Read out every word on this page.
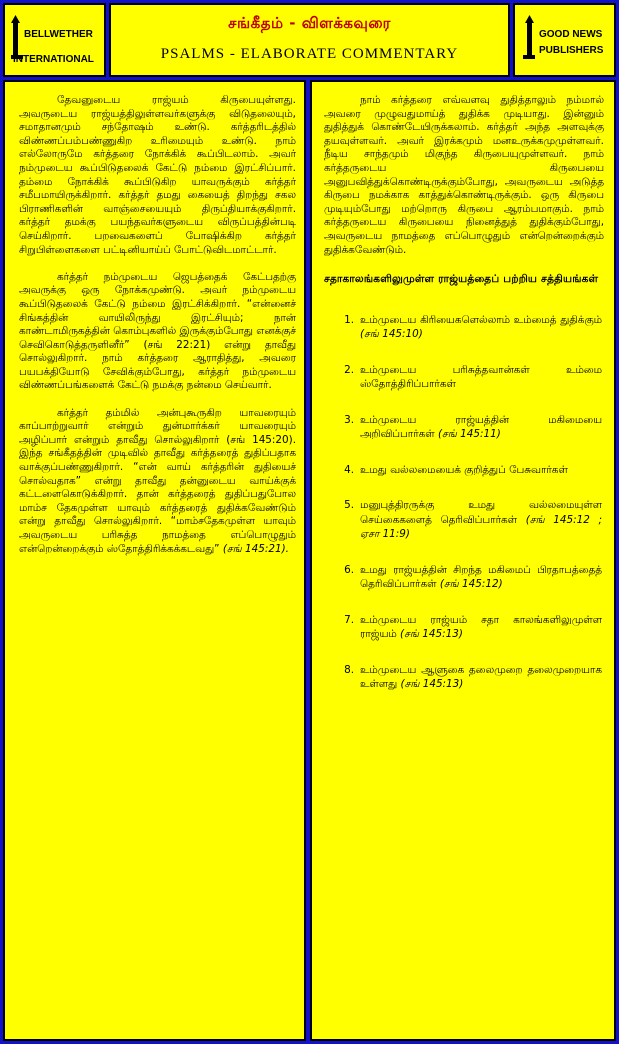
BELLWETHER
INTERNATIONAL
சங்கீதம் - விளக்கவுரை
PSALMS - ELABORATE COMMENTARY
GOOD NEWS
PUBLISHERS

தேவனுடைய ராஜ்யம் கிருபையுள்ளது. அவருடைய ராஜ்யத்திலுள்ளவர்களுக்கு விடுதலையும், சமாதானமும் சந்தோஷம் உண்டு. கர்த்தரிடத்தில் விண்ணப்பம்பண்ணுகிற உரிமையும் உண்டு. நாம் எல்லோருமே கர்த்தரை நோக்கிக் கூப்பிடலாம். அவர் நம்முடைய கூப்பிடுதலைக் கேட்டு நம்மை இரட்சிப்பார். தம்மை நோக்கிக் கூப்பிடுகிற யாவருக்கும் கர்த்தர் சமீபமாயிருக்கிறார். கர்த்தர் தமது கையைத் திறந்து சகல பிராணிகளின் வாஞ்சையையும் திருப்தியாக்குகிறார். கர்த்தர் தமக்கு பயந்தவர்களுடைய விருப்பத்தின்படி செய்கிறார். பறவைகளைப் போஷிக்கிற கர்த்தர் சிறுபிள்ளைகளை பட்டினியாய்ப் போட்டுவிடமாட்டார்.

கர்த்தர் நம்முடைய ஜெபத்தைக் கேட்பதற்கு அவருக்கு ஒரு நோக்கமுண்டு. அவர் நம்முடைய கூப்பிடுதலைக் கேட்டு நம்மை இரட்சிக்கிறார். “என்னைச் சிங்கத்தின் வாயிலிருந்து இரட்சியும்; நான் காண்டாமிருகத்தின் கொம்புகளில் இருக்கும்போது எனக்குச் செவிகொடுத்தருளினீர்” (சங் 22:21) என்று தாவீது சொல்லுகிறார். நாம் கர்த்தரை ஆராதித்து, அவரை பயபக்தியோடு சேவிக்கும்போது, கர்த்தர் நம்முடைய விண்ணப்பங்களைக் கேட்டு நமக்கு நன்மை செய்வார்.

கர்த்தர் தம்மில் அன்புகூருகிற யாவரையும் காப்பாற்றுவார் என்றும் துன்மார்க்கர் யாவரையும் அழிப்பார் என்றும் தாவீது சொல்லுகிறார் (சங் 145:20). இந்த சங்கீதத்தின் முடிவில் தாவீது கர்த்தரைத் துதிப்பதாக வாக்குப்பண்ணுகிறார். “என் வாய் கர்த்தரின் துதியைச் சொல்வதாக” என்று தாவீது தன்னுடைய வாய்க்குக் கட்டளைகொடுக்கிறார். தான் கர்த்தரைத் துதிப்பதுபோல மாம்ச தேகமுள்ள யாவும் கர்த்தரைத் துதிக்கவேண்டும் என்று தாவீது சொல்லுகிறார். “மாம்சதேகமுள்ள யாவும் அவருடைய பரிசுத்த நாமத்தை எப்பொழுதும் என்றென்றைக்கும் ஸ்தோத்திரிக்கக்கடவது” (சங் 145:21).

நாம் கர்த்தரை எவ்வளவு துதித்தாலும் நம்மால் அவரை முழுவதுமாய்த் துதிக்க முடியாது. இன்னும் துதித்துக் கொண்டேயிருக்கலாம். கர்த்தர் அந்த அளவுக்கு தயவுள்ளவர். அவர் இரக்கமும் மனஉருக்கமுமுள்ளவர். நீடிய சாந்தமும் மிகுந்த கிருபையுமுள்ளவர். நாம் கர்த்தருடைய கிருபையை அனுபவித்துக்கொண்டிருக்கும்போது, அவருடைய அடுத்த கிருபை நமக்காக காத்துக்கொண்டிருக்கும். ஒரு கிருபை முடியும்போது மற்றொரு கிருபை ஆரம்பமாகும். நாம் கர்த்தருடைய கிருபையை நினைத்துத் துதிக்கும்போது, அவருடைய நாமத்தை எப்பொழுதும் என்றென்றைக்கும் துதிக்கவேண்டும்.

சதாகாலங்களிலுமுள்ள ராஜ்யத்தைப் பற்றிய சத்தியங்கள்
1. உம்முடைய கிரியைகளெல்லாம் உம்மைத் துதிக்கும் (சங் 145:10)
2. உம்முடைய பரிசுத்தவான்கள் உம்மை ஸ்தோத்திரிப்பார்கள்
3. உம்முடைய ராஜ்யத்தின் மகிமையை அறிவிப்பார்கள் (சங் 145:11)
4. உமது வல்லமையைக் குறித்துப் பேசுவார்கள்
5. மனுபுத்திரருக்கு உமது வல்லமையுள்ள செய்கைகளைத் தெரிவிப்பார்கள் (சங் 145:12 ; ஏசா 11:9)
6. உமது ராஜ்யத்தின் சிறந்த மகிமைப் பிரதாபத்தைத் தெரிவிப்பார்கள் (சங் 145:12)
7. உம்முடைய ராஜ்யம் சதா காலங்களிலுமுள்ள ராஜ்யம் (சங் 145:13)
8. உம்முடைய ஆளுகை தலைமுறை தலைமுறையாக உள்ளது (சங் 145:13)
